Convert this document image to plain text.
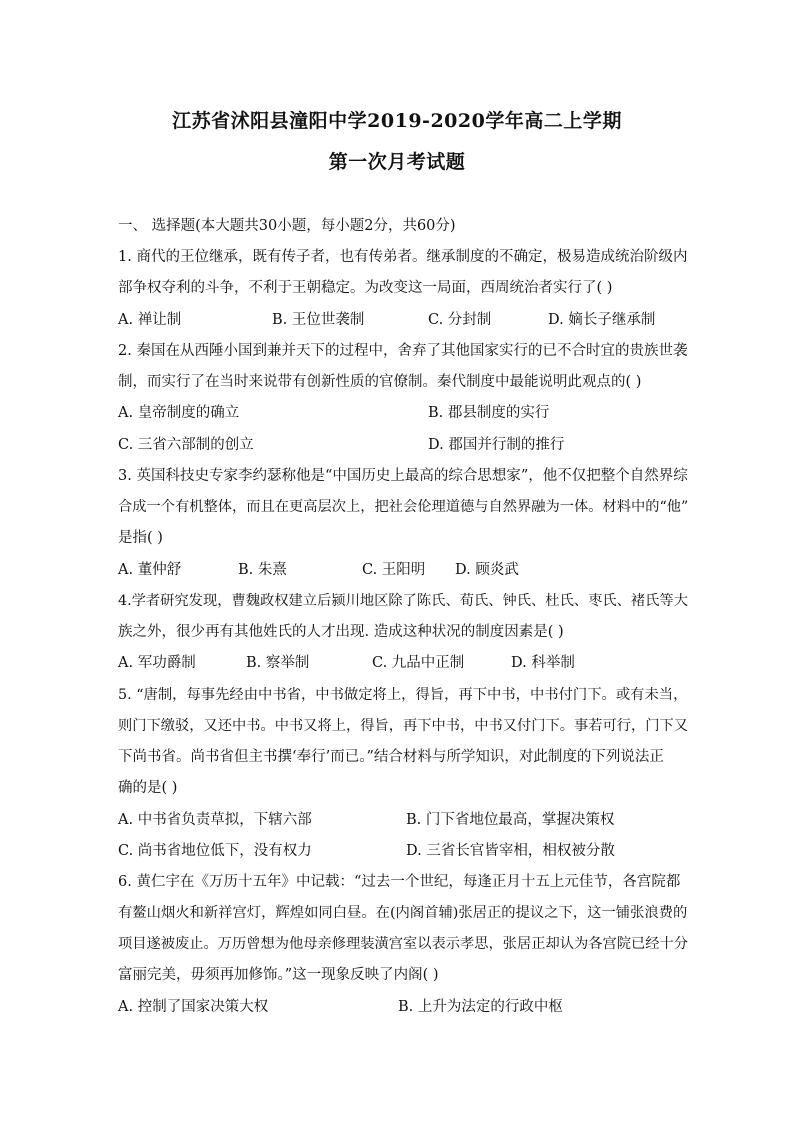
江苏省沭阳县潼阳中学2019-2020学年高二上学期
第一次月考试题
一、 选择题(本大题共30小题，每小题2分，共60分)
1. 商代的王位继承，既有传子者，也有传弟者。继承制度的不确定，极易造成统治阶级内
部争权夺利的斗争，不利于王朝稳定。为改变这一局面，西周统治者实行了( )
A. 禅让制	B. 王位世袭制	C. 分封制	D. 嫡长子继承制
2. 秦国在从西陲小国到兼并天下的过程中，舍弃了其他国家实行的已不合时宜的贵族世袭
制，而实行了在当时来说带有创新性质的官僚制。秦代制度中最能说明此观点的( )
A. 皇帝制度的确立	B. 郡县制度的实行
C. 三省六部制的创立	D. 郡国并行制的推行
3. 英国科技史专家李约瑟称他是“中国历史上最高的综合思想家”，他不仅把整个自然界综
合成一个有机整体，而且在更高层次上，把社会伦理道德与自然界融为一体。材料中的“他”
是指( )
A. 董仲舒	B. 朱熹	C. 王阳明 D. 顾炎武
4.学者研究发现，曹魏政权建立后颍川地区除了陈氏、荀氏、钟氏、杜氏、枣氏、褚氏等大
族之外，很少再有其他姓氏的人才出现. 造成这种状况的制度因素是( )
A. 军功爵制	B. 察举制	C. 九品中正制	D. 科举制
5. “唐制，每事先经由中书省，中书做定将上，得旨，再下中书，中书付门下。或有未当，
则门下缴驳，又还中书。中书又将上，得旨，再下中书，中书又付门下。事若可行，门下又
下尚书省。尚书省但主书撰‘奉行’而已。”结合材料与所学知识，对此制度的下列说法正
确的是( )
A. 中书省负责草拟，下辖六部	B. 门下省地位最高，掌握决策权
C. 尚书省地位低下，没有权力	D. 三省长官皆宰相，相权被分散
6. 黄仁宇在《万历十五年》中记载：“过去一个世纪，每逢正月十五上元佳节，各宫院都
有鳌山烟火和新祥宫灯，辉煌如同白昼。在(内阁首辅)张居正的提议之下，这一铺张浪费的
项目遂被废止。万历曾想为他母亲修理装潢宫室以表示孝思，张居正却认为各宫院已经十分
富丽完美，毋须再加修饰。”这一现象反映了内阁( )
A. 控制了国家决策大权	B. 上升为法定的行政中枢
